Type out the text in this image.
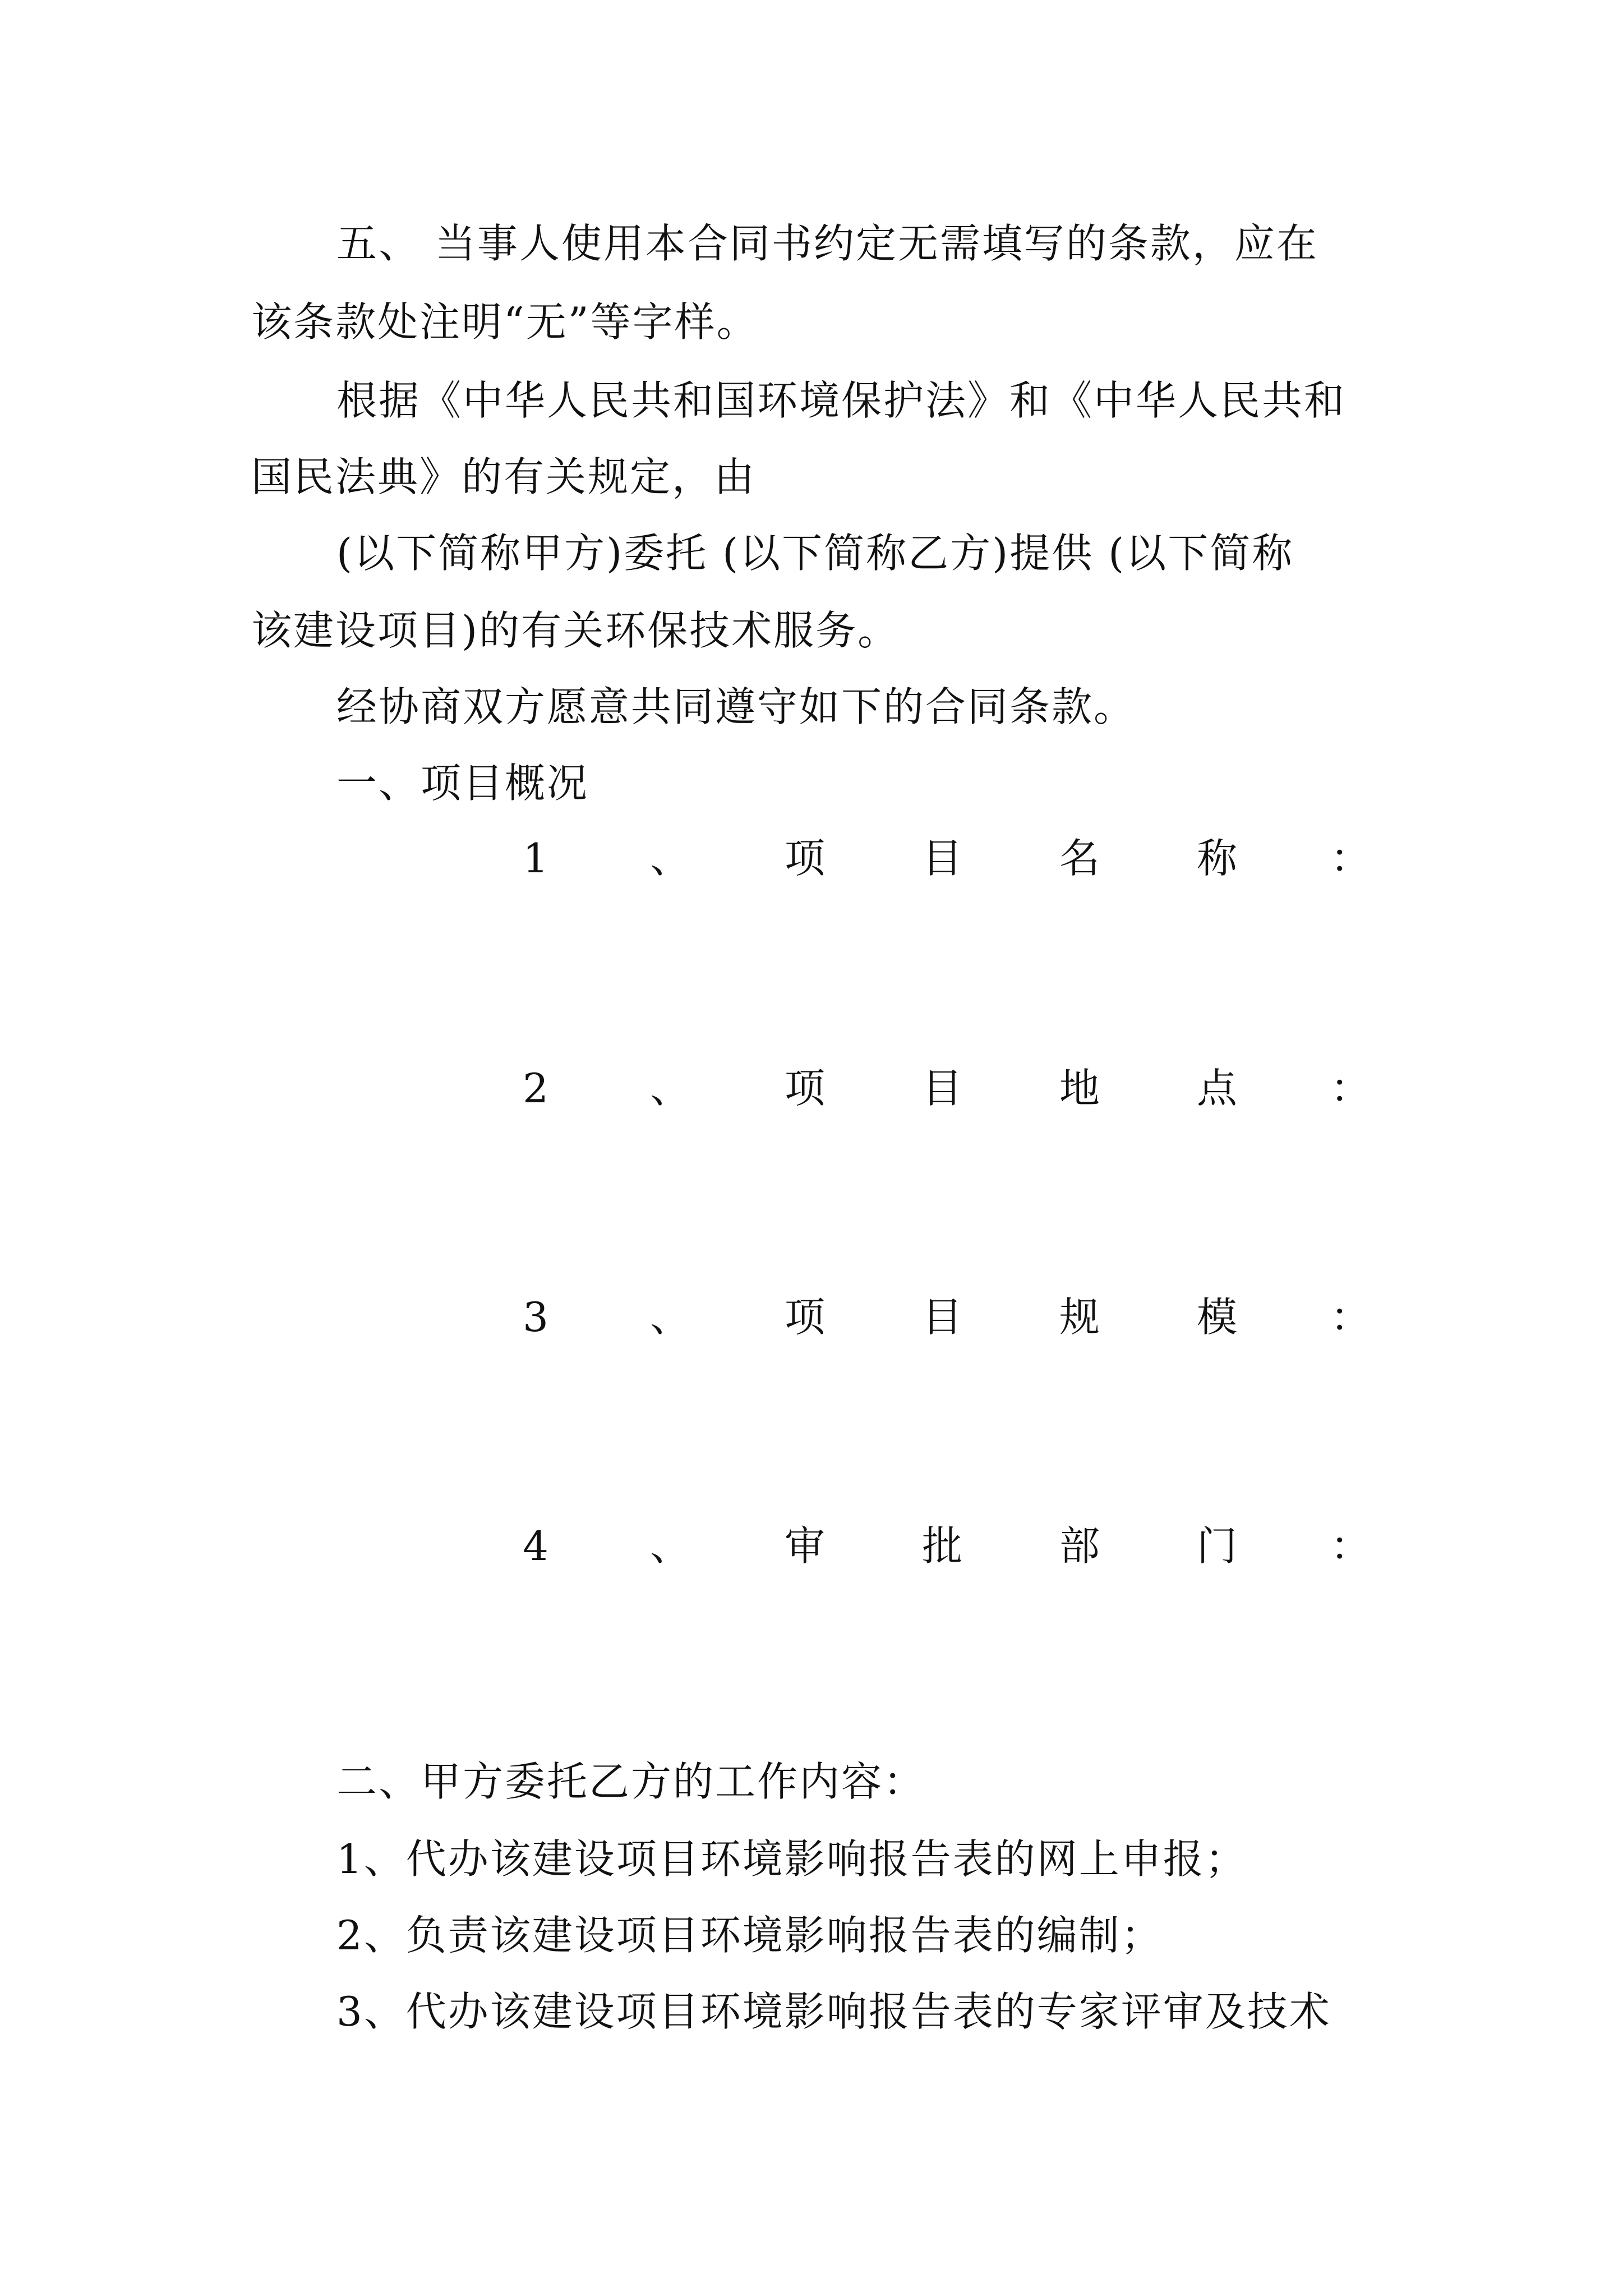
五、 当事人使用本合同书约定无需填写的条款，应在
该条款处注明“无”等字样。
根据《中华人民共和国环境保护法》和《中华人民共和
国民法典》的有关规定，由
(以下简称甲方)委托 (以下简称乙方)提供 (以下简称
该建设项目)的有关环保技术服务。
经协商双方愿意共同遵守如下的合同条款。
一、项目概况
1	、 项 目 名 称 ：
2	、 项 目 地 点 ：
3	、 项 目 规 模 ：
4	、 审 批 部 门 ：
二、甲方委托乙方的工作内容：
1、代办该建设项目环境影响报告表的网上申报；
2、负责该建设项目环境影响报告表的编制；
3、代办该建设项目环境影响报告表的专家评审及技术
